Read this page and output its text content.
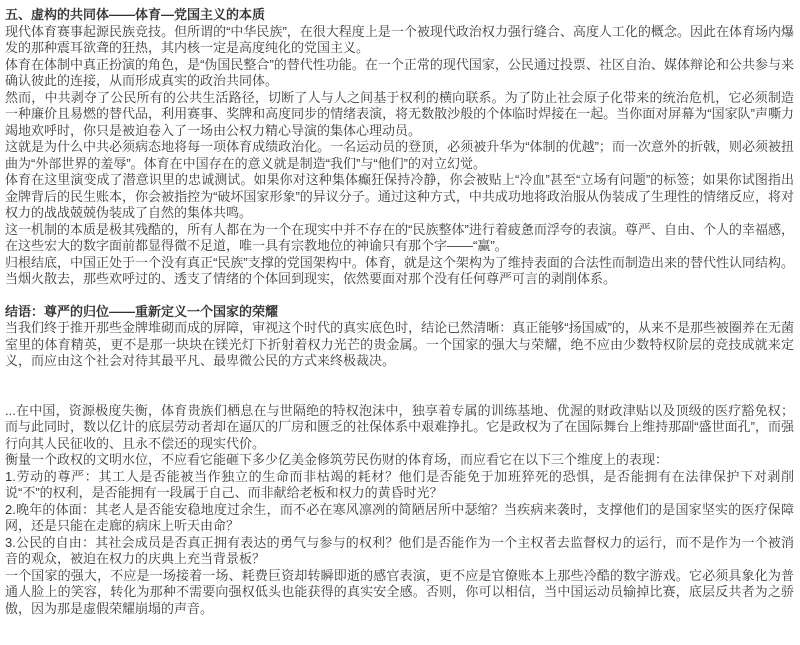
五、虚构的共同体——体育—党国主义的本质

现代体育赛事起源民族竞技。但所谓的“中华民族”，在很大程度上是一个被现代政治权力强行缝合、高度人工化的概念。因此在体育场内爆发的那种震耳欲聋的狂热，其内核一定是高度纯化的党国主义。

体育在体制中真正扮演的角色，是“伪国民整合”的替代性功能。在一个正常的现代国家，公民通过投票、社区自治、媒体辩论和公共参与来确认彼此的连接，从而形成真实的政治共同体。

然而，中共剥夺了公民所有的公共生活路径，切断了人与人之间基于权利的横向联系。为了防止社会原子化带来的统治危机，它必须制造一种廉价且易燃的替代品，利用赛事、奖牌和高度同步的情绪表演，将无数散沙般的个体临时焊接在一起。当你面对屏幕为“国家队”声嘶力竭地欢呼时，你只是被迫卷入了一场由公权力精心导演的集体心理动员。

这就是为什么中共必须病态地将每一项体育成绩政治化。一名运动员的登顶，必须被升华为“体制的优越”；而一次意外的折戟，则必须被扭曲为“外部世界的羞辱”。体育在中国存在的意义就是制造“我们”与“他们”的对立幻觉。

体育在这里演变成了潜意识里的忠诚测试。如果你对这种集体癫狂保持冷静，你会被贴上“冷血”甚至“立场有问题”的标签；如果你试图指出金牌背后的民生账本，你会被指控为“破坏国家形象”的异议分子。通过这种方式，中共成功地将政治服从伪装成了生理性的情绪反应，将对权力的战战兢兢伪装成了自然的集体共鸣。

这一机制的本质是极其残酷的，所有人都在为一个在现实中并不存在的“民族整体”进行着疲惫而浮夸的表演。尊严、自由、个人的幸福感，在这些宏大的数字面前都显得微不足道，唯一具有宗教地位的神谕只有那个字——“赢”。

归根结底，中国正处于一个没有真正“民族”支撑的党国架构中。体育，就是这个架构为了维持表面的合法性而制造出来的替代性认同结构。当烟火散去，那些欢呼过的、透支了情绪的个体回到现实，依然要面对那个没有任何尊严可言的剥削体系。

结语：尊严的归位——重新定义一个国家的荣耀

当我们终于推开那些金牌堆砌而成的屏障，审视这个时代的真实底色时，结论已然清晰：真正能够“扬国威”的，从来不是那些被圈养在无菌室里的体育精英，更不是那一块块在镁光灯下折射着权力光芒的贵金属。一个国家的强大与荣耀，绝不应由少数特权阶层的竞技成就来定义，而应由这个社会对待其最平凡、最卑微公民的方式来终极裁决。

...在中国，资源极度失衡，体育贵族们栖息在与世隔绝的特权泡沫中，独享着专属的训练基地、优渥的财政津贴以及顶级的医疗豁免权；而与此同时，数以亿计的底层劳动者却在逼仄的厂房和匮乏的社保体系中艰难挣扎。它是政权为了在国际舞台上维持那副“盛世面孔”，而强行向其人民征收的、且永不偿还的现实代价。

衡量一个政权的文明水位，不应看它能砸下多少亿美金修筑劳民伤财的体育场，而应看它在以下三个维度上的表现：

1.劳动的尊严：其工人是否能被当作独立的生命而非枯竭的耗材？他们是否能免于加班猝死的恐惧，是否能拥有在法律保护下对剥削说“不”的权利，是否能拥有一段属于自己、而非献给老板和权力的黄昏时光？

2.晚年的体面：其老人是否能安稳地度过余生，而不必在寒风凛冽的简陋居所中瑟缩？当疾病来袭时，支撑他们的是国家坚实的医疗保障网，还是只能在走廊的病床上听天由命？

3.公民的自由：其社会成员是否真正拥有表达的勇气与参与的权利？他们是否能作为一个主权者去监督权力的运行，而不是作为一个被消音的观众，被迫在权力的庆典上充当背景板？

一个国家的强大，不应是一场接着一场、耗费巨资却转瞬即逝的感官表演，更不应是官僚账本上那些冷酷的数字游戏。它必须具象化为普通人脸上的笑容，转化为那种不需要向强权低头也能获得的真实安全感。否则，你可以相信，当中国运动员输掉比赛，底层反共者为之骄傲，因为那是虚假荣耀崩塌的声音。
